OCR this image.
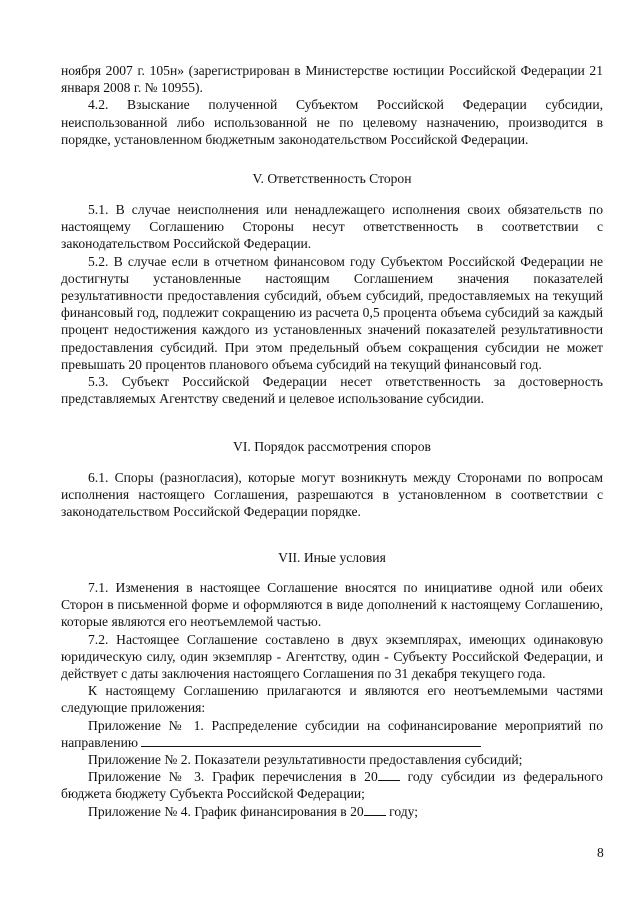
ноября 2007 г. 105н» (зарегистрирован в Министерстве юстиции Российской Федерации 21 января 2008 г. № 10955).

4.2. Взыскание полученной Субъектом Российской Федерации субсидии, неиспользованной либо использованной не по целевому назначению, производится в порядке, установленном бюджетным законодательством Российской Федерации.

V. Ответственность Сторон

5.1. В случае неисполнения или ненадлежащего исполнения своих обязательств по настоящему Соглашению Стороны несут ответственность в соответствии с законодательством Российской Федерации.

5.2. В случае если в отчетном финансовом году Субъектом Российской Федерации не достигнуты установленные настоящим Соглашением значения показателей результативности предоставления субсидий, объем субсидий, предоставляемых на текущий финансовый год, подлежит сокращению из расчета 0,5 процента объема субсидий за каждый процент недостижения каждого из установленных значений показателей результативности предоставления субсидий. При этом предельный объем сокращения субсидии не может превышать 20 процентов планового объема субсидий на текущий финансовый год.

5.3. Субъект Российской Федерации несет ответственность за достоверность представляемых Агентству сведений и целевое использование субсидии.

VI. Порядок рассмотрения споров

6.1. Споры (разногласия), которые могут возникнуть между Сторонами по вопросам исполнения настоящего Соглашения, разрешаются в установленном в соответствии с законодательством Российской Федерации порядке.

VII. Иные условия

7.1. Изменения в настоящее Соглашение вносятся по инициативе одной или обеих Сторон в письменной форме и оформляются в виде дополнений к настоящему Соглашению, которые являются его неотъемлемой частью.

7.2. Настоящее Соглашение составлено в двух экземплярах, имеющих одинаковую юридическую силу, один экземпляр - Агентству, один - Субъекту Российской Федерации, и действует с даты заключения настоящего Соглашения по 31 декабря текущего года.

К настоящему Соглашению прилагаются и являются его неотъемлемыми частями следующие приложения:

Приложение № 1. Распределение субсидии на софинансирование мероприятий по направлению

Приложение № 2. Показатели результативности предоставления субсидий;

Приложение № 3. График перечисления в 20 году субсидии из федерального бюджета бюджету Субъекта Российской Федерации;

Приложение № 4. График финансирования в 20 году;

8
